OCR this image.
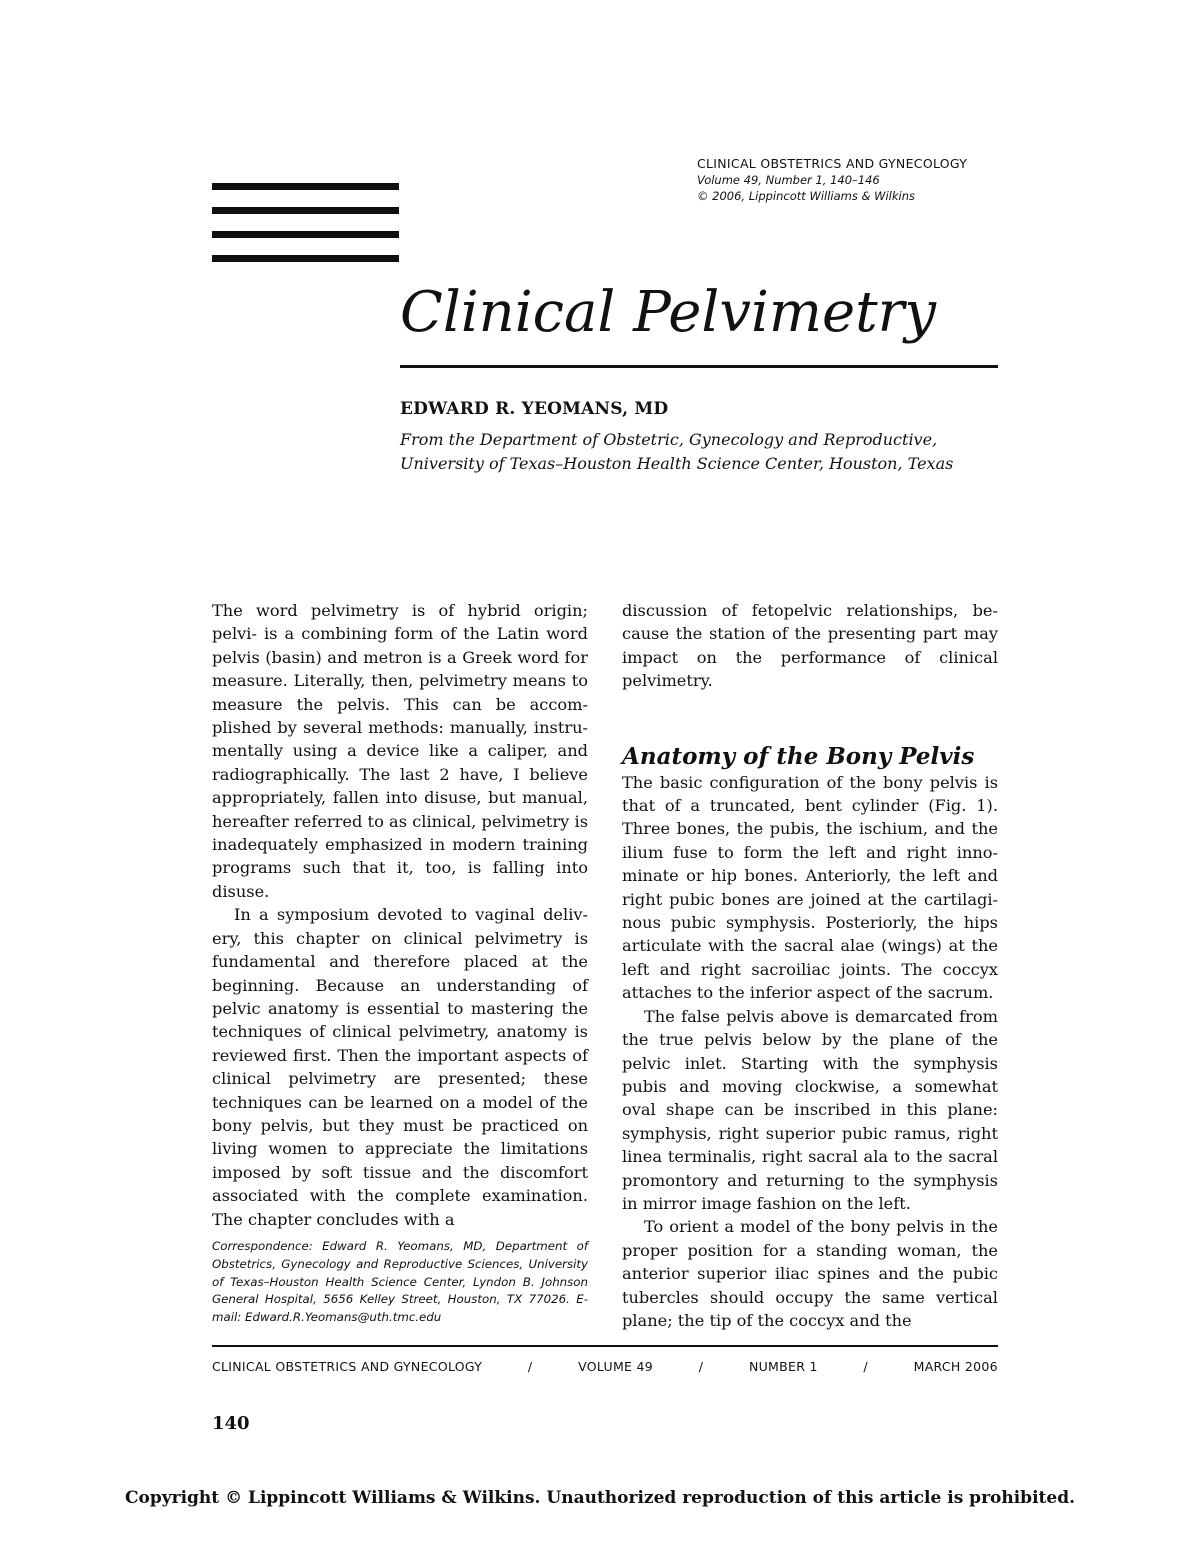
CLINICAL OBSTETRICS AND GYNECOLOGY
Volume 49, Number 1, 140–146
© 2006, Lippincott Williams & Wilkins
Clinical Pelvimetry
EDWARD R. YEOMANS, MD
From the Department of Obstetric, Gynecology and Reproductive, University of Texas–Houston Health Science Center, Houston, Texas

The word pelvimetry is of hybrid origin; pelvi- is a combining form of the Latin word pelvis (basin) and metron is a Greek word for measure. Literally, then, pelvimetry means to measure the pelvis. This can be accomplished by several methods: manually, instrumentally using a device like a caliper, and radiographically. The last 2 have, I believe appropriately, fallen into disuse, but manual, hereafter referred to as clinical, pelvimetry is inadequately emphasized in modern training programs such that it, too, is falling into disuse.

In a symposium devoted to vaginal delivery, this chapter on clinical pelvimetry is fundamental and therefore placed at the beginning. Because an understanding of pelvic anatomy is essential to mastering the techniques of clinical pelvimetry, anatomy is reviewed first. Then the important aspects of clinical pelvimetry are presented; these techniques can be learned on a model of the bony pelvis, but they must be practiced on living women to appreciate the limitations imposed by soft tissue and the discomfort associated with the complete examination. The chapter concludes with a

discussion of fetopelvic relationships, because the station of the presenting part may impact on the performance of clinical pelvimetry.

Anatomy of the Bony Pelvis

The basic configuration of the bony pelvis is that of a truncated, bent cylinder (Fig. 1). Three bones, the pubis, the ischium, and the ilium fuse to form the left and right innominate or hip bones. Anteriorly, the left and right pubic bones are joined at the cartilaginous pubic symphysis. Posteriorly, the hips articulate with the sacral alae (wings) at the left and right sacroiliac joints. The coccyx attaches to the inferior aspect of the sacrum.

The false pelvis above is demarcated from the true pelvis below by the plane of the pelvic inlet. Starting with the symphysis pubis and moving clockwise, a somewhat oval shape can be inscribed in this plane: symphysis, right superior pubic ramus, right linea terminalis, right sacral ala to the sacral promontory and returning to the symphysis in mirror image fashion on the left.

To orient a model of the bony pelvis in the proper position for a standing woman, the anterior superior iliac spines and the pubic tubercles should occupy the same vertical plane; the tip of the coccyx and the

Correspondence: Edward R. Yeomans, MD, Department of Obstetrics, Gynecology and Reproductive Sciences, University of Texas–Houston Health Science Center, Lyndon B. Johnson General Hospital, 5656 Kelley Street, Houston, TX 77026. E-mail: Edward.R.Yeomans@uth.tmc.edu
CLINICAL OBSTETRICS AND GYNECOLOGY	/	VOLUME 49	/	NUMBER 1	/	MARCH 2006
140
Copyright © Lippincott Williams & Wilkins. Unauthorized reproduction of this article is prohibited.
